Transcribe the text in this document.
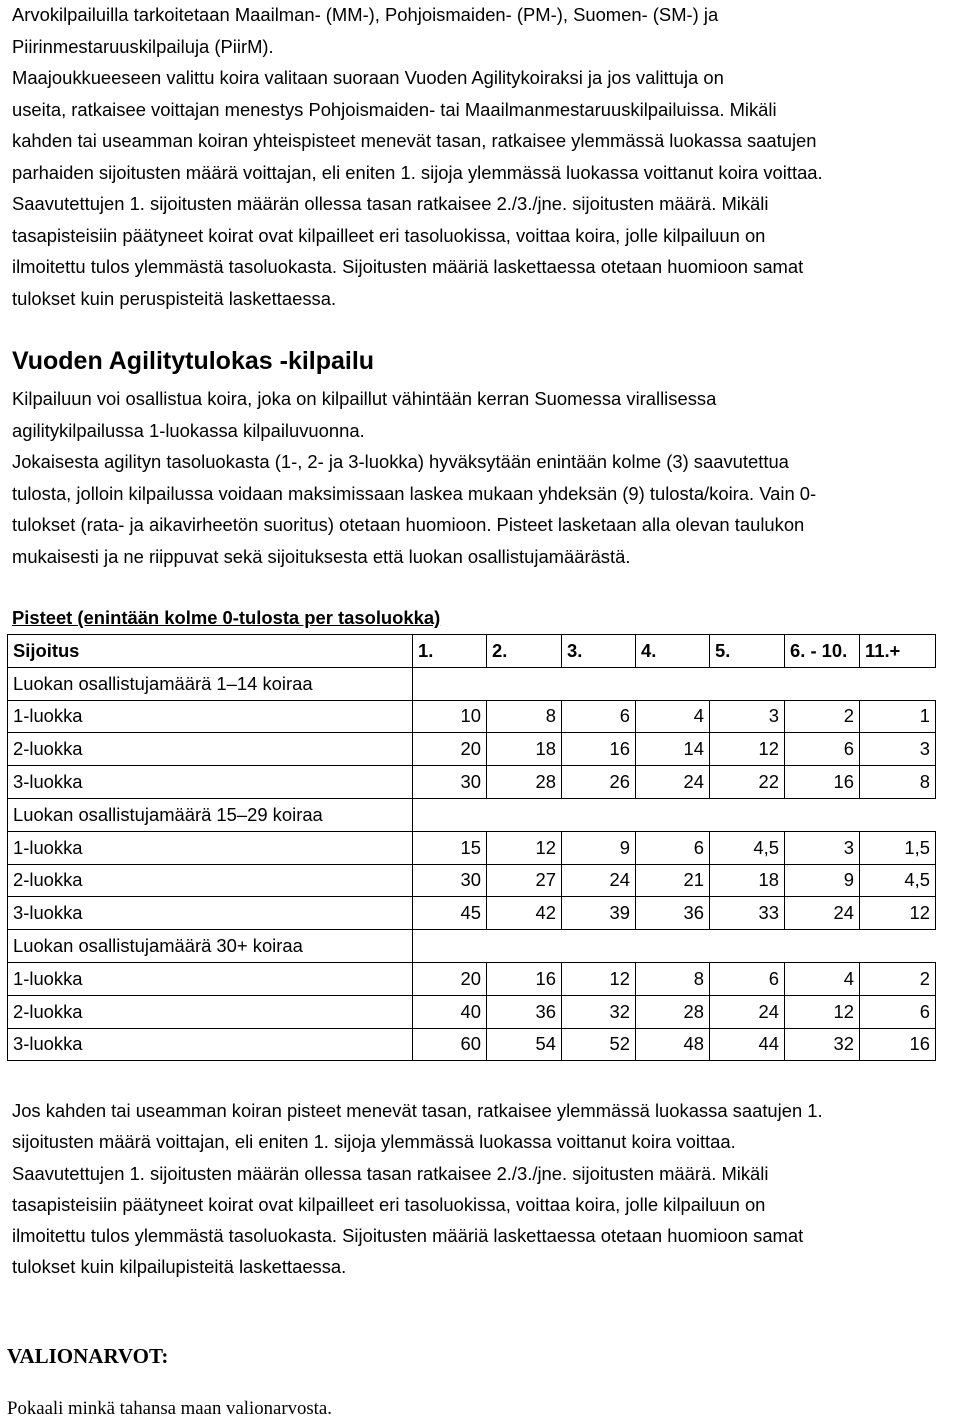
Arvokilpailuilla tarkoitetaan Maailman- (MM-), Pohjoismaiden- (PM-), Suomen- (SM-) ja
Piirinmestaruuskilpailuja (PiirM).
Maajoukkueeseen valittu koira valitaan suoraan Vuoden Agilitykoiraksi ja jos valittuja on
useita, ratkaisee voittajan menestys Pohjoismaiden- tai Maailmanmestaruuskilpailuissa. Mikäli
kahden tai useamman koiran yhteispisteet menevät tasan, ratkaisee ylemmässä luokassa saatujen
parhaiden sijoitusten määrä voittajan, eli eniten 1. sijoja ylemmässä luokassa voittanut koira voittaa.
Saavutettujen 1. sijoitusten määrän ollessa tasan ratkaisee 2./3./jne. sijoitusten määrä. Mikäli
tasapisteisiin päätyneet koirat ovat kilpailleet eri tasoluokissa, voittaa koira, jolle kilpailuun on
ilmoitettu tulos ylemmästä tasoluokasta. Sijoitusten määriä laskettaessa otetaan huomioon samat
tulokset kuin peruspisteitä laskettaessa.
Vuoden Agilitytulokas -kilpailu
Kilpailuun voi osallistua koira, joka on kilpaillut vähintään kerran Suomessa virallisessa
agilitykilpailussa 1-luokassa kilpailuvuonna.
Jokaisesta agilityn tasoluokasta (1-, 2- ja 3-luokka) hyväksytään enintään kolme (3) saavutettua
tulosta, jolloin kilpailussa voidaan maksimissaan laskea mukaan yhdeksän (9) tulosta/koira. Vain 0-
tulokset (rata- ja aikavirheetön suoritus) otetaan huomioon. Pisteet lasketaan alla olevan taulukon
mukaisesti ja ne riippuvat sekä sijoituksesta että luokan osallistujamäärästä.
Pisteet (enintään kolme 0-tulosta per tasoluokka)
Sijoitus	1.	2.	3.	4.	5.	6. - 10.	11.+
Luokan osallistujamäärä 1–14 koiraa							
1-luokka	10	8	6	4	3	2	1
2-luokka	20	18	16	14	12	6	3
3-luokka	30	28	26	24	22	16	8
Luokan osallistujamäärä 15–29 koiraa							
1-luokka	15	12	9	6	4,5	3	1,5
2-luokka	30	27	24	21	18	9	4,5
3-luokka	45	42	39	36	33	24	12
Luokan osallistujamäärä 30+ koiraa							
1-luokka	20	16	12	8	6	4	2
2-luokka	40	36	32	28	24	12	6
3-luokka	60	54	52	48	44	32	16
Jos kahden tai useamman koiran pisteet menevät tasan, ratkaisee ylemmässä luokassa saatujen 1.
sijoitusten määrä voittajan, eli eniten 1. sijoja ylemmässä luokassa voittanut koira voittaa.
Saavutettujen 1. sijoitusten määrän ollessa tasan ratkaisee 2./3./jne. sijoitusten määrä. Mikäli
tasapisteisiin päätyneet koirat ovat kilpailleet eri tasoluokissa, voittaa koira, jolle kilpailuun on
ilmoitettu tulos ylemmästä tasoluokasta. Sijoitusten määriä laskettaessa otetaan huomioon samat
tulokset kuin kilpailupisteitä laskettaessa.
VALIONARVOT:
Pokaali minkä tahansa maan valionarvosta.
